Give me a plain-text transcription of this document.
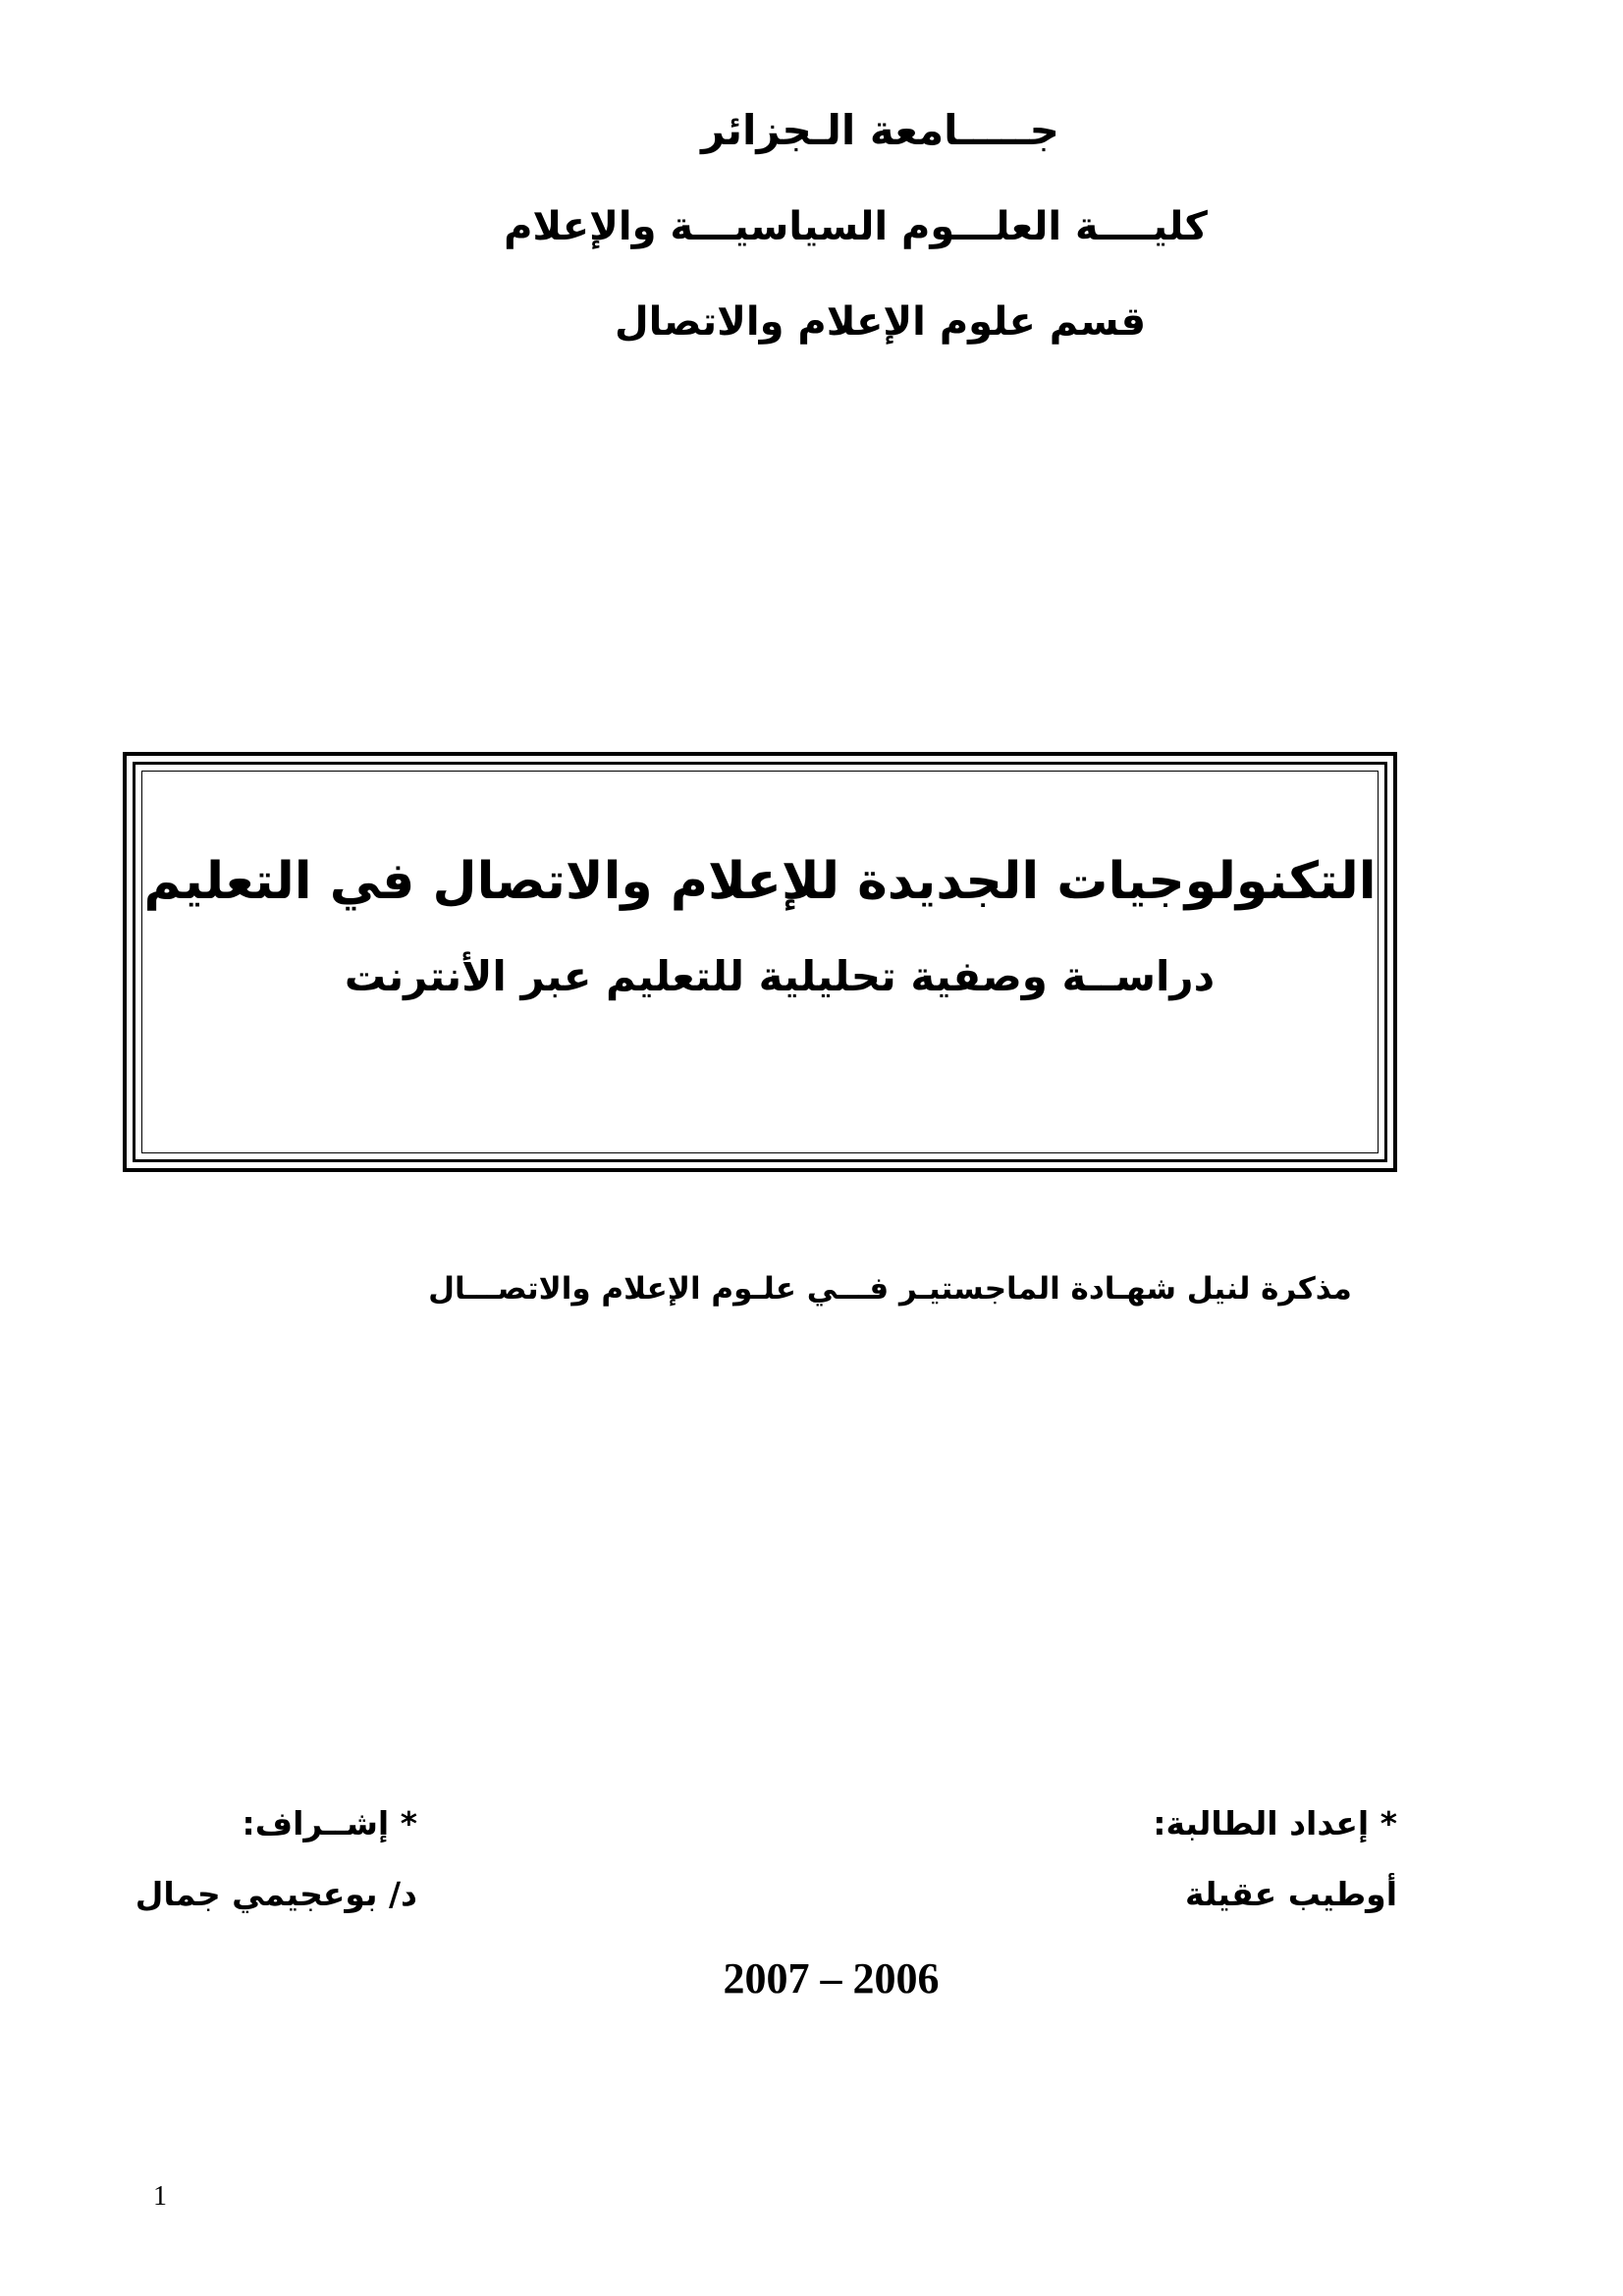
جـــــامعة الـجزائر
كليــــة العلـــوم السياسيـــة والإعلام
قسم علوم الإعلام والاتصال
التكنولوجيات الجديدة للإعلام والاتصال في التعليم
دراســة وصفية تحليلية للتعليم عبر الأنترنت
مذكرة لنيل شهـادة الماجستيـر فـــي علـوم الإعلام والاتصـــال
* إعداد الطالبة:
أوطيب عقيلة
* إشــراف:
د/ بوعجيمي جمال
2007 – 2006
1
